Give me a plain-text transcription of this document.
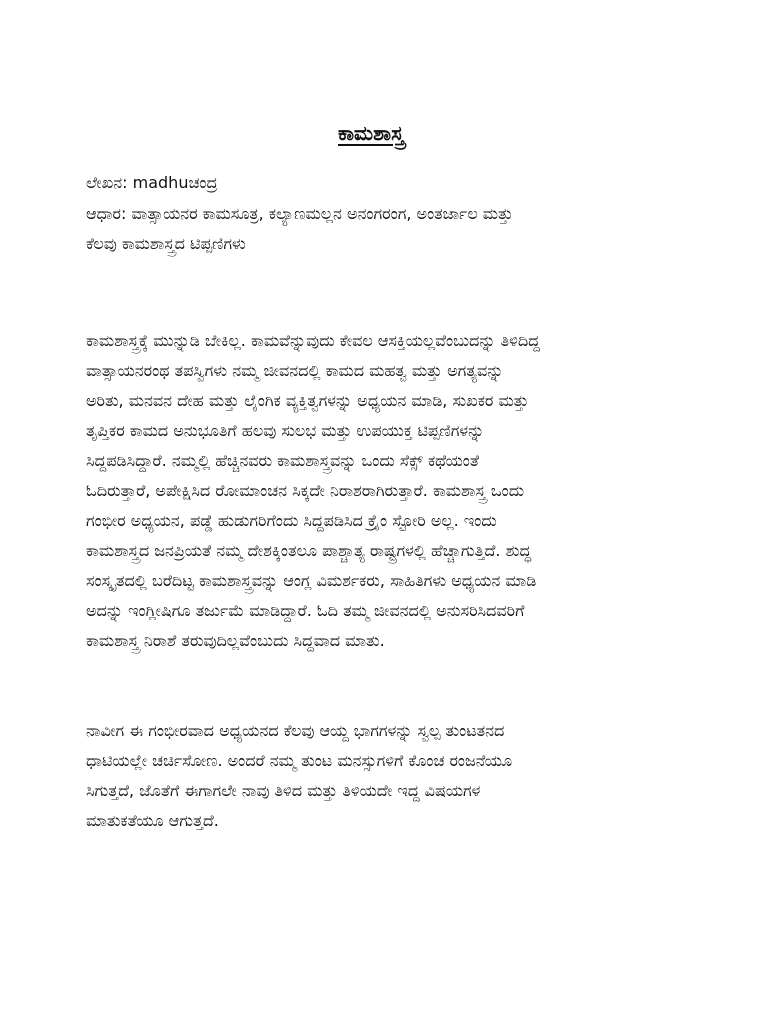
ಕಾಮಶಾಸ್ತ್ರ
ಲೇಖನ: madhuಚಂದ್ರ
ಆಧಾರ: ವಾತ್ಸಾಯನರ ಕಾಮಸೂತ್ರ, ಕಲ್ಯಾಣಮಲ್ಲನ ಅನಂಗರಂಗ, ಅಂತರ್ಜಾಲ ಮತ್ತು
ಕೆಲವು ಕಾಮಶಾಸ್ತ್ರದ ಟಿಪ್ಪಣಿಗಳು
ಕಾಮಶಾಸ್ತ್ರಕ್ಕೆ ಮುನ್ನುಡಿ ಬೇಕಿಲ್ಲ. ಕಾಮವೆನ್ನುವುದು ಕೇವಲ ಆಸಕ್ತಿಯಲ್ಲವೆಂಬುದನ್ನು ತಿಳಿದಿದ್ದ
ವಾತ್ಸಾಯನರಂಥ ತಪಸ್ವಿಗಳು ನಮ್ಮ ಜೀವನದಲ್ಲಿ ಕಾಮದ ಮಹತ್ವ ಮತ್ತು ಅಗತ್ಯವನ್ನು
ಅರಿತು, ಮನವನ ದೇಹ ಮತ್ತು ಲೈಂಗಿಕ ವ್ಯಕ್ತಿತ್ವಗಳನ್ನು ಅಧ್ಯಯನ ಮಾಡಿ, ಸುಖಕರ ಮತ್ತು
ತೃಪ್ತಿಕರ ಕಾಮದ ಅನುಭೂತಿಗೆ ಹಲವು ಸುಲಭ ಮತ್ತು ಉಪಯುಕ್ತ ಟಿಪ್ಪಣಿಗಳನ್ನು
ಸಿದ್ದಪಡಿಸಿದ್ದಾರೆ. ನಮ್ಮಲ್ಲಿ ಹೆಚ್ಚಿನವರು ಕಾಮಶಾಸ್ತ್ರವನ್ನು ಒಂದು ಸೆಕ್ಸ್ ಕಥೆಯಂತೆ
ಓದಿರುತ್ತಾರೆ, ಅಪೇಕ್ಷಿಸಿದ ರೋಮಾಂಚನ ಸಿಕ್ಕದೇ ನಿರಾಶರಾಗಿರುತ್ತಾರೆ. ಕಾಮಶಾಸ್ತ್ರ ಒಂದು
ಗಂಭೀರ ಅಧ್ಯಯನ, ಪಡ್ಡೆ ಹುಡುಗರಿಗೆಂದು ಸಿದ್ದಪಡಿಸಿದ ಕ್ರೈಂ ಸ್ಟೋರಿ ಅಲ್ಲ. ಇಂದು
ಕಾಮಶಾಸ್ತ್ರದ ಜನಪ್ರಿಯತೆ ನಮ್ಮ ದೇಶಕ್ಕಿಂತಲೂ ಪಾಶ್ಚಾತ್ಯ ರಾಷ್ಟ್ರಗಳಲ್ಲಿ ಹೆಚ್ಚಾಗುತ್ತಿದೆ. ಶುದ್ಧ
ಸಂಸ್ಕೃತದಲ್ಲಿ ಬರೆದಿಟ್ಟ ಕಾಮಶಾಸ್ತ್ರವನ್ನು ಆಂಗ್ಲ ವಿಮರ್ಶಕರು, ಸಾಹಿತಿಗಳು ಅಧ್ಯಯನ ಮಾಡಿ
ಅದನ್ನು ಇಂಗ್ಲೀಷಿಗೂ ತರ್ಜುಮೆ ಮಾಡಿದ್ದಾರೆ. ಓದಿ ತಮ್ಮ ಜೀವನದಲ್ಲಿ ಅನುಸರಿಸಿದವರಿಗೆ
ಕಾಮಶಾಸ್ತ್ರ ನಿರಾಶೆ ತರುವುದಿಲ್ಲವೆಂಬುದು ಸಿದ್ದವಾದ ಮಾತು.
ನಾವೀಗ ಈ ಗಂಭೀರವಾದ ಅಧ್ಯಯನದ ಕೆಲವು ಆಯ್ದ ಭಾಗಗಳನ್ನು ಸ್ವಲ್ಪ ತುಂಟತನದ
ಧಾಟಿಯಲ್ಲೇ ಚರ್ಚಿಸೋಣ. ಅಂದರೆ ನಮ್ಮ ತುಂಟ ಮನಸ್ಸುಗಳಿಗೆ ಕೊಂಚ ರಂಜನೆಯೂ
ಸಿಗುತ್ತದೆ, ಜೊತೆಗೆ ಈಗಾಗಲೇ ನಾವು ತಿಳಿದ ಮತ್ತು ತಿಳಿಯದೇ ಇದ್ದ ವಿಷಯಗಳ
ಮಾತುಕತೆಯೂ ಆಗುತ್ತದೆ.
